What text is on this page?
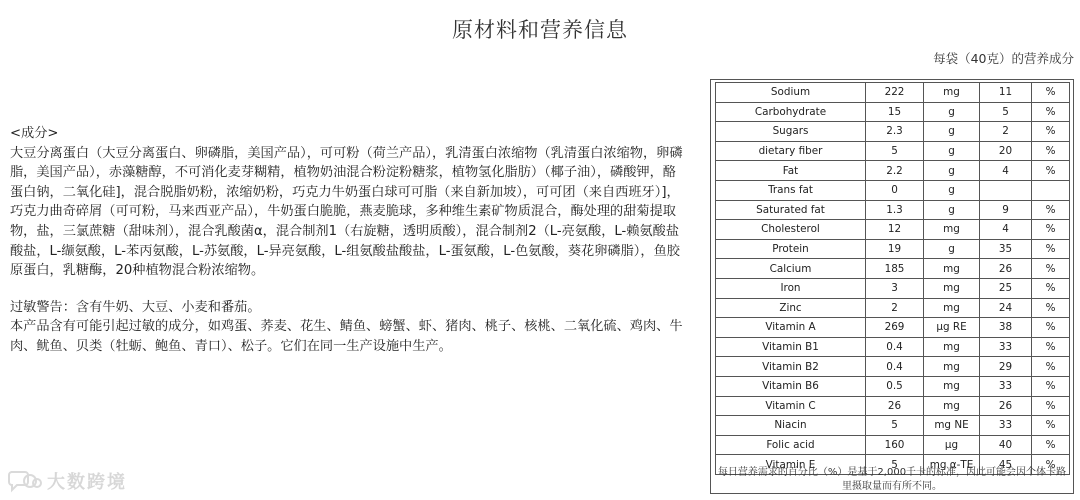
原材料和营养信息
每袋（40克）的营养成分

<成分>

大豆分离蛋白（大豆分离蛋白、卵磷脂，美国产品），可可粉（荷兰产品），乳清蛋白浓缩物（乳清蛋白浓缩物，卵磷脂，美国产品），赤藻糖醇，不可消化麦芽糊精，植物奶油混合粉淀粉糖浆，植物氢化脂肪）（椰子油），磷酸钾，酪蛋白钠，二氧化硅]，混合脱脂奶粉，浓缩奶粉，巧克力牛奶蛋白球可可脂（来自新加坡），可可团（来自西班牙）]，巧克力曲奇碎屑（可可粉，马来西亚产品），牛奶蛋白脆脆，燕麦脆球，多种维生素矿物质混合，酶处理的甜菊提取物，盐，三氯蔗糖（甜味剂），混合乳酸菌α，混合制剂1（右旋糖，透明质酸），混合制剂2（L-亮氨酸，L-赖氨酸盐酸盐，L-缬氨酸，L-苯丙氨酸，L-苏氨酸，L-异亮氨酸，L-组氨酸盐酸盐，L-蛋氨酸，L-色氨酸，葵花卵磷脂），鱼胶原蛋白，乳糖酶，20种植物混合粉浓缩物。

过敏警告：含有牛奶、大豆、小麦和番茄。

本产品含有可能引起过敏的成分，如鸡蛋、荞麦、花生、鲭鱼、螃蟹、虾、猪肉、桃子、核桃、二氧化硫、鸡肉、牛肉、鱿鱼、贝类（牡蛎、鲍鱼、青口）、松子。它们在同一生产设施中生产。

Sodium	222	mg	11	%
Carbohydrate	15	g	5	%
Sugars	2.3	g	2	%
dietary fiber	5	g	20	%
Fat	2.2	g	4	%
Trans fat	0	g		
Saturated fat	1.3	g	9	%
Cholesterol	12	mg	4	%
Protein	19	g	35	%
Calcium	185	mg	26	%
Iron	3	mg	25	%
Zinc	2	mg	24	%
Vitamin A	269	μg RE	38	%
Vitamin B1	0.4	mg	33	%
Vitamin B2	0.4	mg	29	%
Vitamin B6	0.5	mg	33	%
Vitamin C	26	mg	26	%
Niacin	5	mg NE	33	%
Folic acid	160	μg	40	%
Vitamin E	5	mg α-TE	45	%
每日营养需求的百分比（%）是基于2,000千卡的标准，因此可能会因个体卡路里摄取量而有所不同。
大数跨境
